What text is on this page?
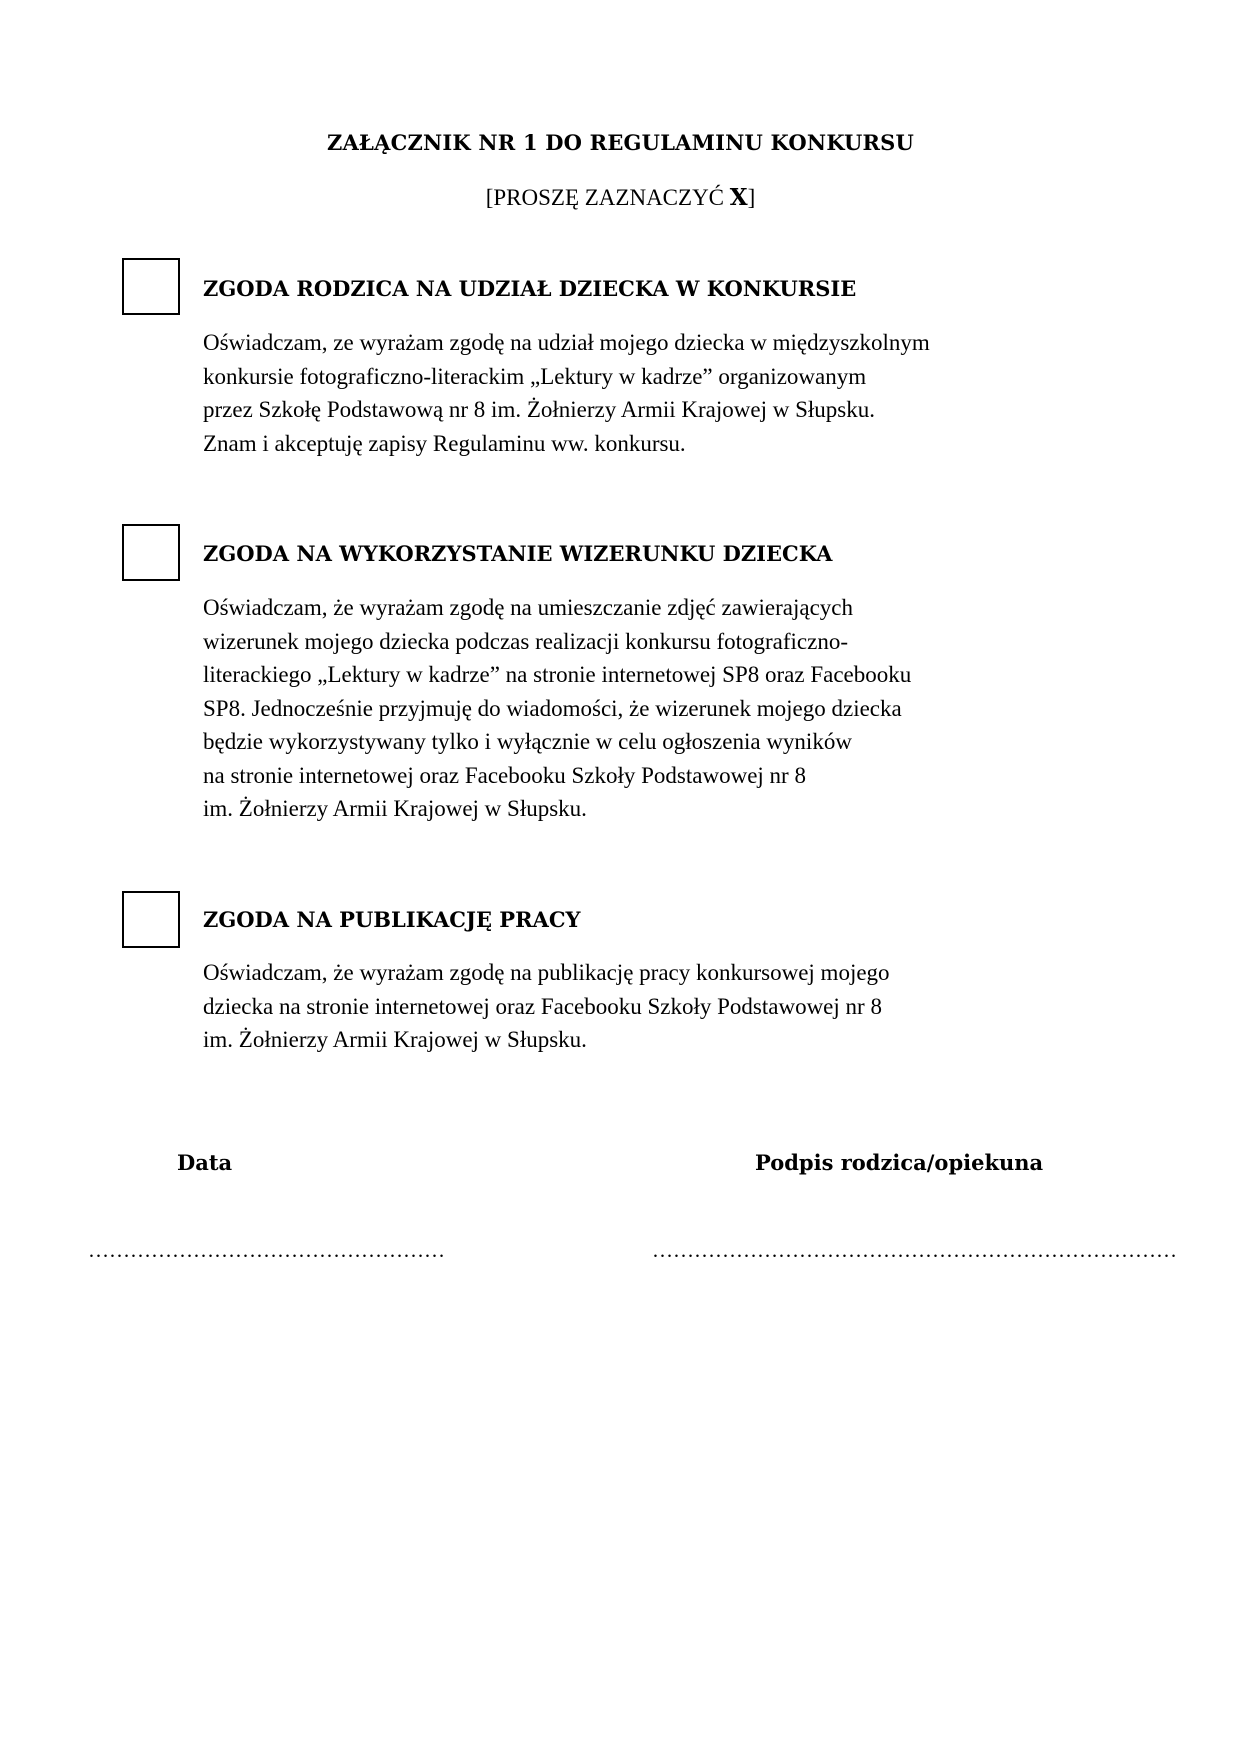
ZAŁĄCZNIK NR 1 DO REGULAMINU KONKURSU
[PROSZĘ ZAZNACZYĆ X]
ZGODA RODZICA NA UDZIAŁ DZIECKA W KONKURSIE
Oświadczam, ze wyrażam zgodę na udział mojego dziecka w międzyszkolnym
konkursie fotograficzno-literackim „Lektury w kadrze” organizowanym
przez Szkołę Podstawową nr 8 im. Żołnierzy Armii Krajowej w Słupsku.
Znam i akceptuję zapisy Regulaminu ww. konkursu.
ZGODA NA WYKORZYSTANIE WIZERUNKU DZIECKA
Oświadczam, że wyrażam zgodę na umieszczanie zdjęć zawierających
wizerunek mojego dziecka podczas realizacji konkursu fotograficzno-
literackiego „Lektury w kadrze” na stronie internetowej SP8 oraz Facebooku
SP8. Jednocześnie przyjmuję do wiadomości, że wizerunek mojego dziecka
będzie wykorzystywany tylko i wyłącznie w celu ogłoszenia wyników
na stronie internetowej oraz Facebooku Szkoły Podstawowej nr 8
im. Żołnierzy Armii Krajowej w Słupsku.
ZGODA NA PUBLIKACJĘ PRACY
Oświadczam, że wyrażam zgodę na publikację pracy konkursowej mojego
dziecka na stronie internetowej oraz Facebooku Szkoły Podstawowej nr 8
im. Żołnierzy Armii Krajowej w Słupsku.
Data	Podpis rodzica/opiekuna
……………………………………………	…………………………………………………………………
